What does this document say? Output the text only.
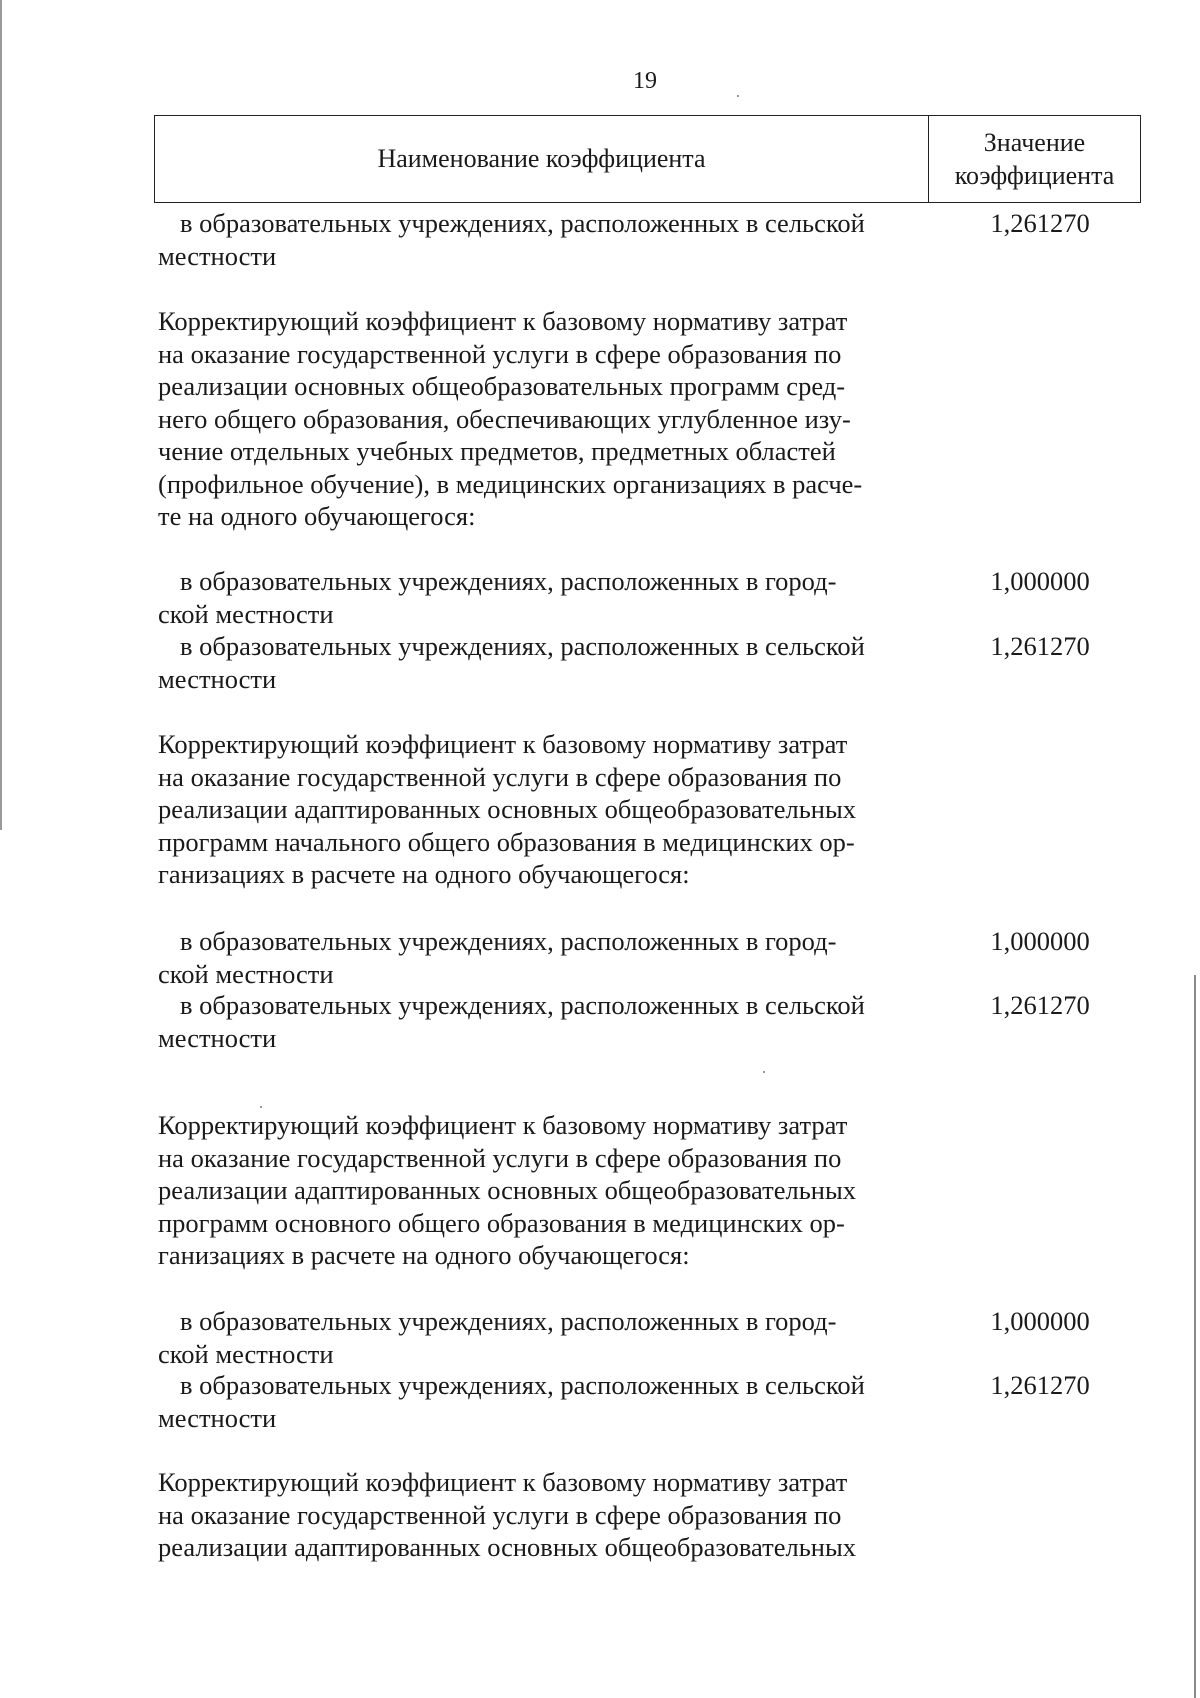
19
Наименование коэффициента
Значение
коэффициента
в образовательных учреждениях, расположенных в сельской
местности
1,261270
Корректирующий коэффициент к базовому нормативу затрат
на оказание государственной услуги в сфере образования по
реализации основных общеобразовательных программ сред-
него общего образования, обеспечивающих углубленное изу-
чение отдельных учебных предметов, предметных областей
(профильное обучение), в медицинских организациях в расче-
те на одного обучающегося:
в образовательных учреждениях, расположенных в город-
ской местности
1,000000
в образовательных учреждениях, расположенных в сельской
местности
1,261270
Корректирующий коэффициент к базовому нормативу затрат
на оказание государственной услуги в сфере образования по
реализации адаптированных основных общеобразовательных
программ начального общего образования в медицинских ор-
ганизациях в расчете на одного обучающегося:
в образовательных учреждениях, расположенных в город-
ской местности
1,000000
в образовательных учреждениях, расположенных в сельской
местности
1,261270
Корректирующий коэффициент к базовому нормативу затрат
на оказание государственной услуги в сфере образования по
реализации адаптированных основных общеобразовательных
программ основного общего образования в медицинских ор-
ганизациях в расчете на одного обучающегося:
в образовательных учреждениях, расположенных в город-
ской местности
1,000000
в образовательных учреждениях, расположенных в сельской
местности
1,261270
Корректирующий коэффициент к базовому нормативу затрат
на оказание государственной услуги в сфере образования по
реализации адаптированных основных общеобразовательных
